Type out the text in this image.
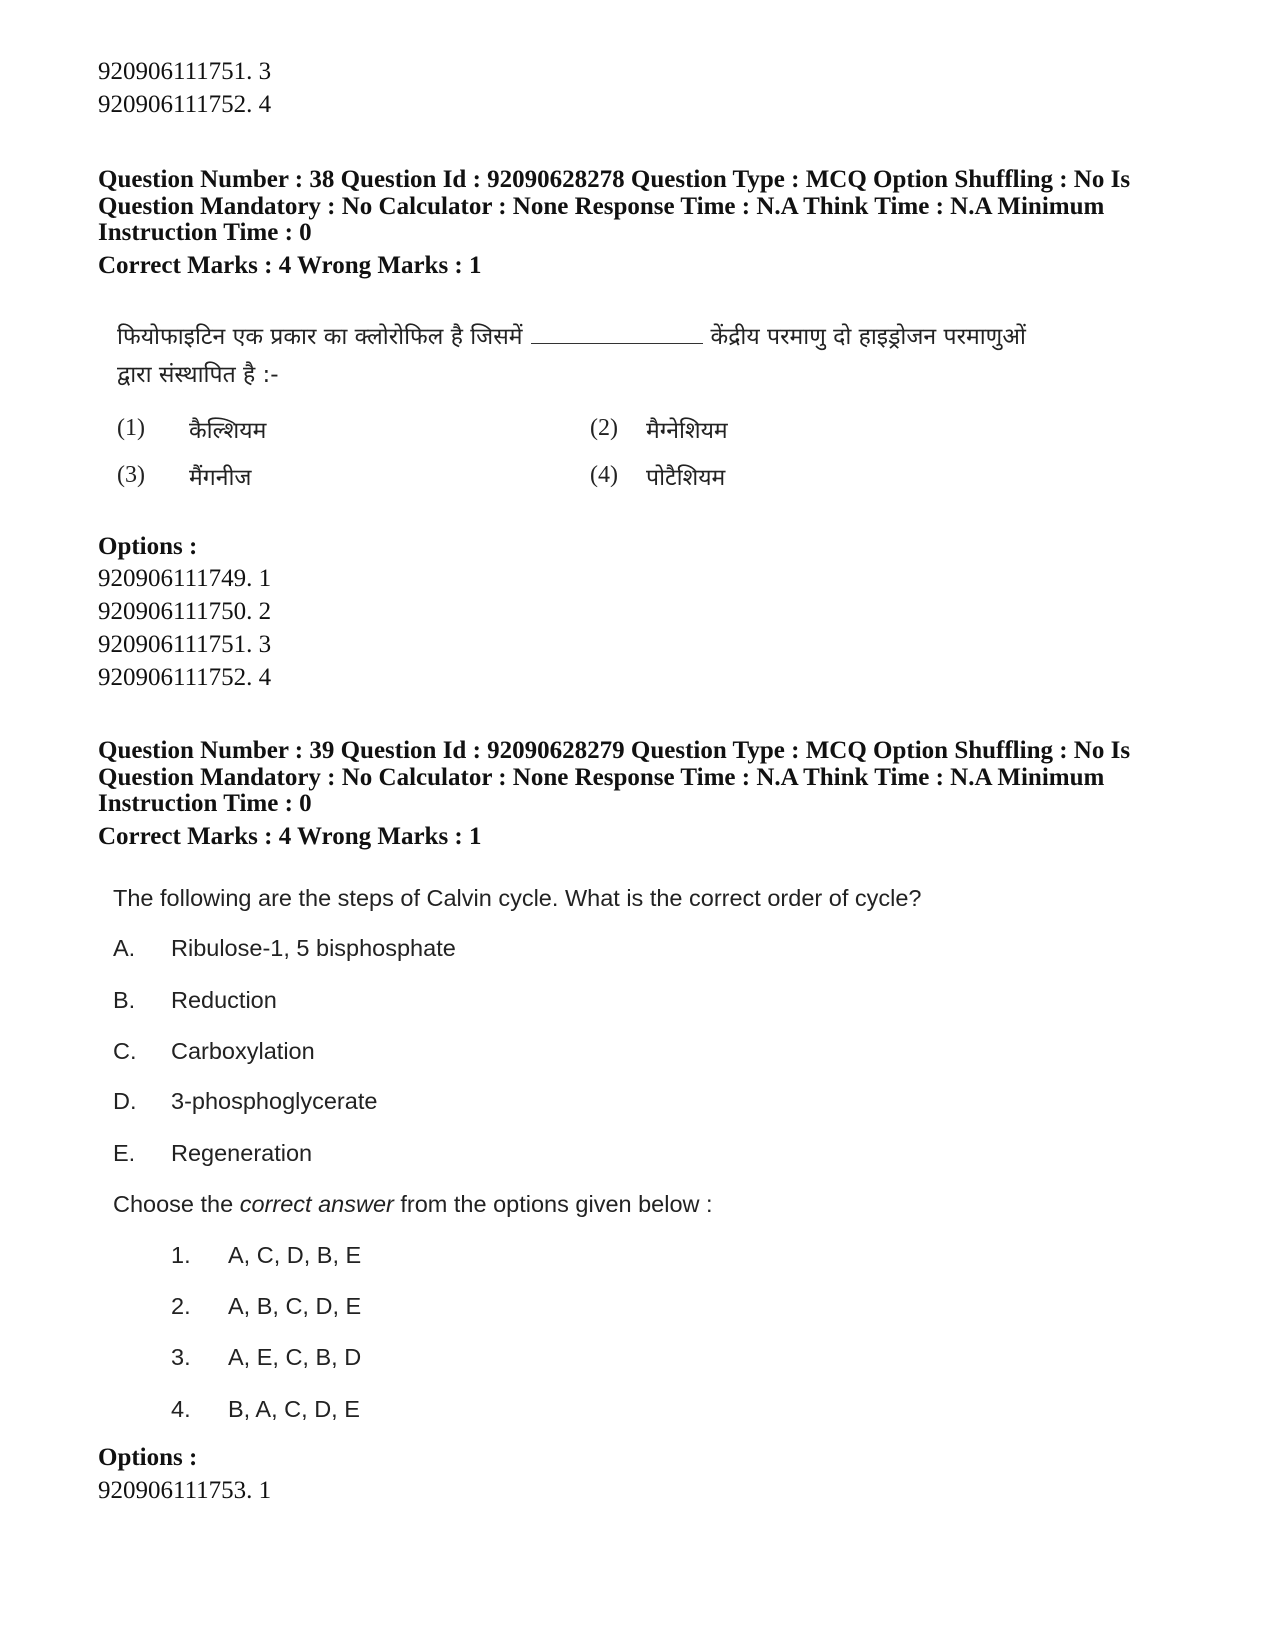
920906111751. 3
920906111752. 4
Question Number : 38 Question Id : 92090628278 Question Type : MCQ Option Shuffling : No Is
Question Mandatory : No Calculator : None Response Time : N.A Think Time : N.A Minimum
Instruction Time : 0
Correct Marks : 4 Wrong Marks : 1
फियोफाइटिन एक प्रकार का क्लोरोफिल है जिसमें	केंद्रीय परमाणु दो हाइड्रोजन परमाणुओं
द्वारा संस्थापित है :-
(1) कैल्शियम	(2) मैग्नेशियम
(3) मैंगनीज	(4) पोटैशियम
Options :
920906111749. 1
920906111750. 2
920906111751. 3
920906111752. 4
Question Number : 39 Question Id : 92090628279 Question Type : MCQ Option Shuffling : No Is
Question Mandatory : No Calculator : None Response Time : N.A Think Time : N.A Minimum
Instruction Time : 0
Correct Marks : 4 Wrong Marks : 1
The following are the steps of Calvin cycle. What is the correct order of cycle?
A. Ribulose-1, 5 bisphosphate
B. Reduction
C. Carboxylation
D. 3-phosphoglycerate
E. Regeneration
Choose the correct answer from the options given below :
1. A, C, D, B, E
2. A, B, C, D, E
3. A, E, C, B, D
4. B, A, C, D, E
Options :
920906111753. 1
